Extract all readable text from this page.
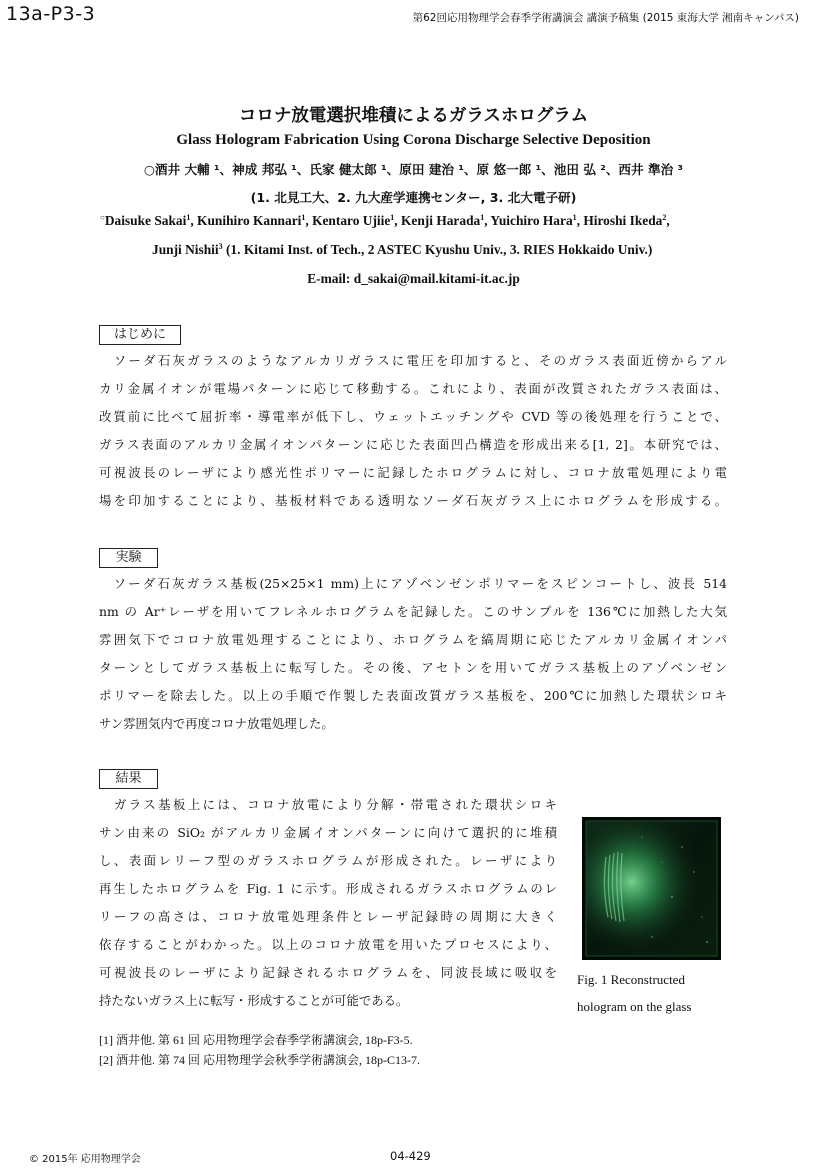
13a-P3-3	第62回応用物理学会春季学術講演会 講演予稿集 (2015 東海大学 湘南キャンパス)
コロナ放電選択堆積によるガラスホログラム
Glass Hologram Fabrication Using Corona Discharge Selective Deposition
○酒井 大輔 ¹、神成 邦弘 ¹、氏家 健太郎 ¹、原田 建治 ¹、原 悠一郎 ¹、池田 弘 ²、西井 準治 ³
(1. 北見工大、2. 九大産学連携センター, 3. 北大電子研)
○Daisuke Sakai$^1$, Kunihiro Kannari$^1$, Kentaro Ujiie$^1$, Kenji Harada$^1$, Yuichiro Hara$^1$, Hiroshi Ikeda$^2$,
Junji Nishii$^3$ (1. Kitami Inst. of Tech., 2 ASTEC Kyushu Univ., 3. RIES Hokkaido Univ.)
E-mail: d_sakai@mail.kitami-it.ac.jp
はじめに
　ソーダ石灰ガラスのようなアルカリガラスに電圧を印加すると、そのガラス表面近傍からアル
カリ金属イオンが電場パターンに応じて移動する。これにより、表面が改質されたガラス表面は、
改質前に比べて屈折率・導電率が低下し、ウェットエッチングや CVD 等の後処理を行うことで、
ガラス表面のアルカリ金属イオンパターンに応じた表面凹凸構造を形成出来る[1, 2]。本研究では、
可視波長のレーザにより感光性ポリマーに記録したホログラムに対し、コロナ放電処理により電
場を印加することにより、基板材料である透明なソーダ石灰ガラス上にホログラムを形成する。
実験
　ソーダ石灰ガラス基板(25×25×1 mm)上にアゾベンゼンポリマーをスピンコートし、波長 514
nm の Ar⁺レーザを用いてフレネルホログラムを記録した。このサンプルを 136℃に加熱した大気
雰囲気下でコロナ放電処理することにより、ホログラムを縞周期に応じたアルカリ金属イオンパ
ターンとしてガラス基板上に転写した。その後、アセトンを用いてガラス基板上のアゾベンゼン
ポリマーを除去した。以上の手順で作製した表面改質ガラス基板を、200℃に加熱した環状シロキ
サン雰囲気内で再度コロナ放電処理した。
結果
　ガラス基板上には、コロナ放電により分解・帯電された環状シロキ
サン由来の SiO₂ がアルカリ金属イオンパターンに向けて選択的に堆積
し、表面レリーフ型のガラスホログラムが形成された。レーザにより
再生したホログラムを Fig. 1 に示す。形成されるガラスホログラムのレ
リーフの高さは、コロナ放電処理条件とレーザ記録時の周期に大きく
依存することがわかった。以上のコロナ放電を用いたプロセスにより、
可視波長のレーザにより記録されるホログラムを、同波長域に吸収を
持たないガラス上に転写・形成することが可能である。
Fig. 1 Reconstructed
hologram on the glass
[1] 酒井他. 第 61 回 応用物理学会春季学術講演会, 18p-F3-5.
[2] 酒井他. 第 74 回 応用物理学会秋季学術講演会, 18p-C13-7.
© 2015年 応用物理学会	04-429
